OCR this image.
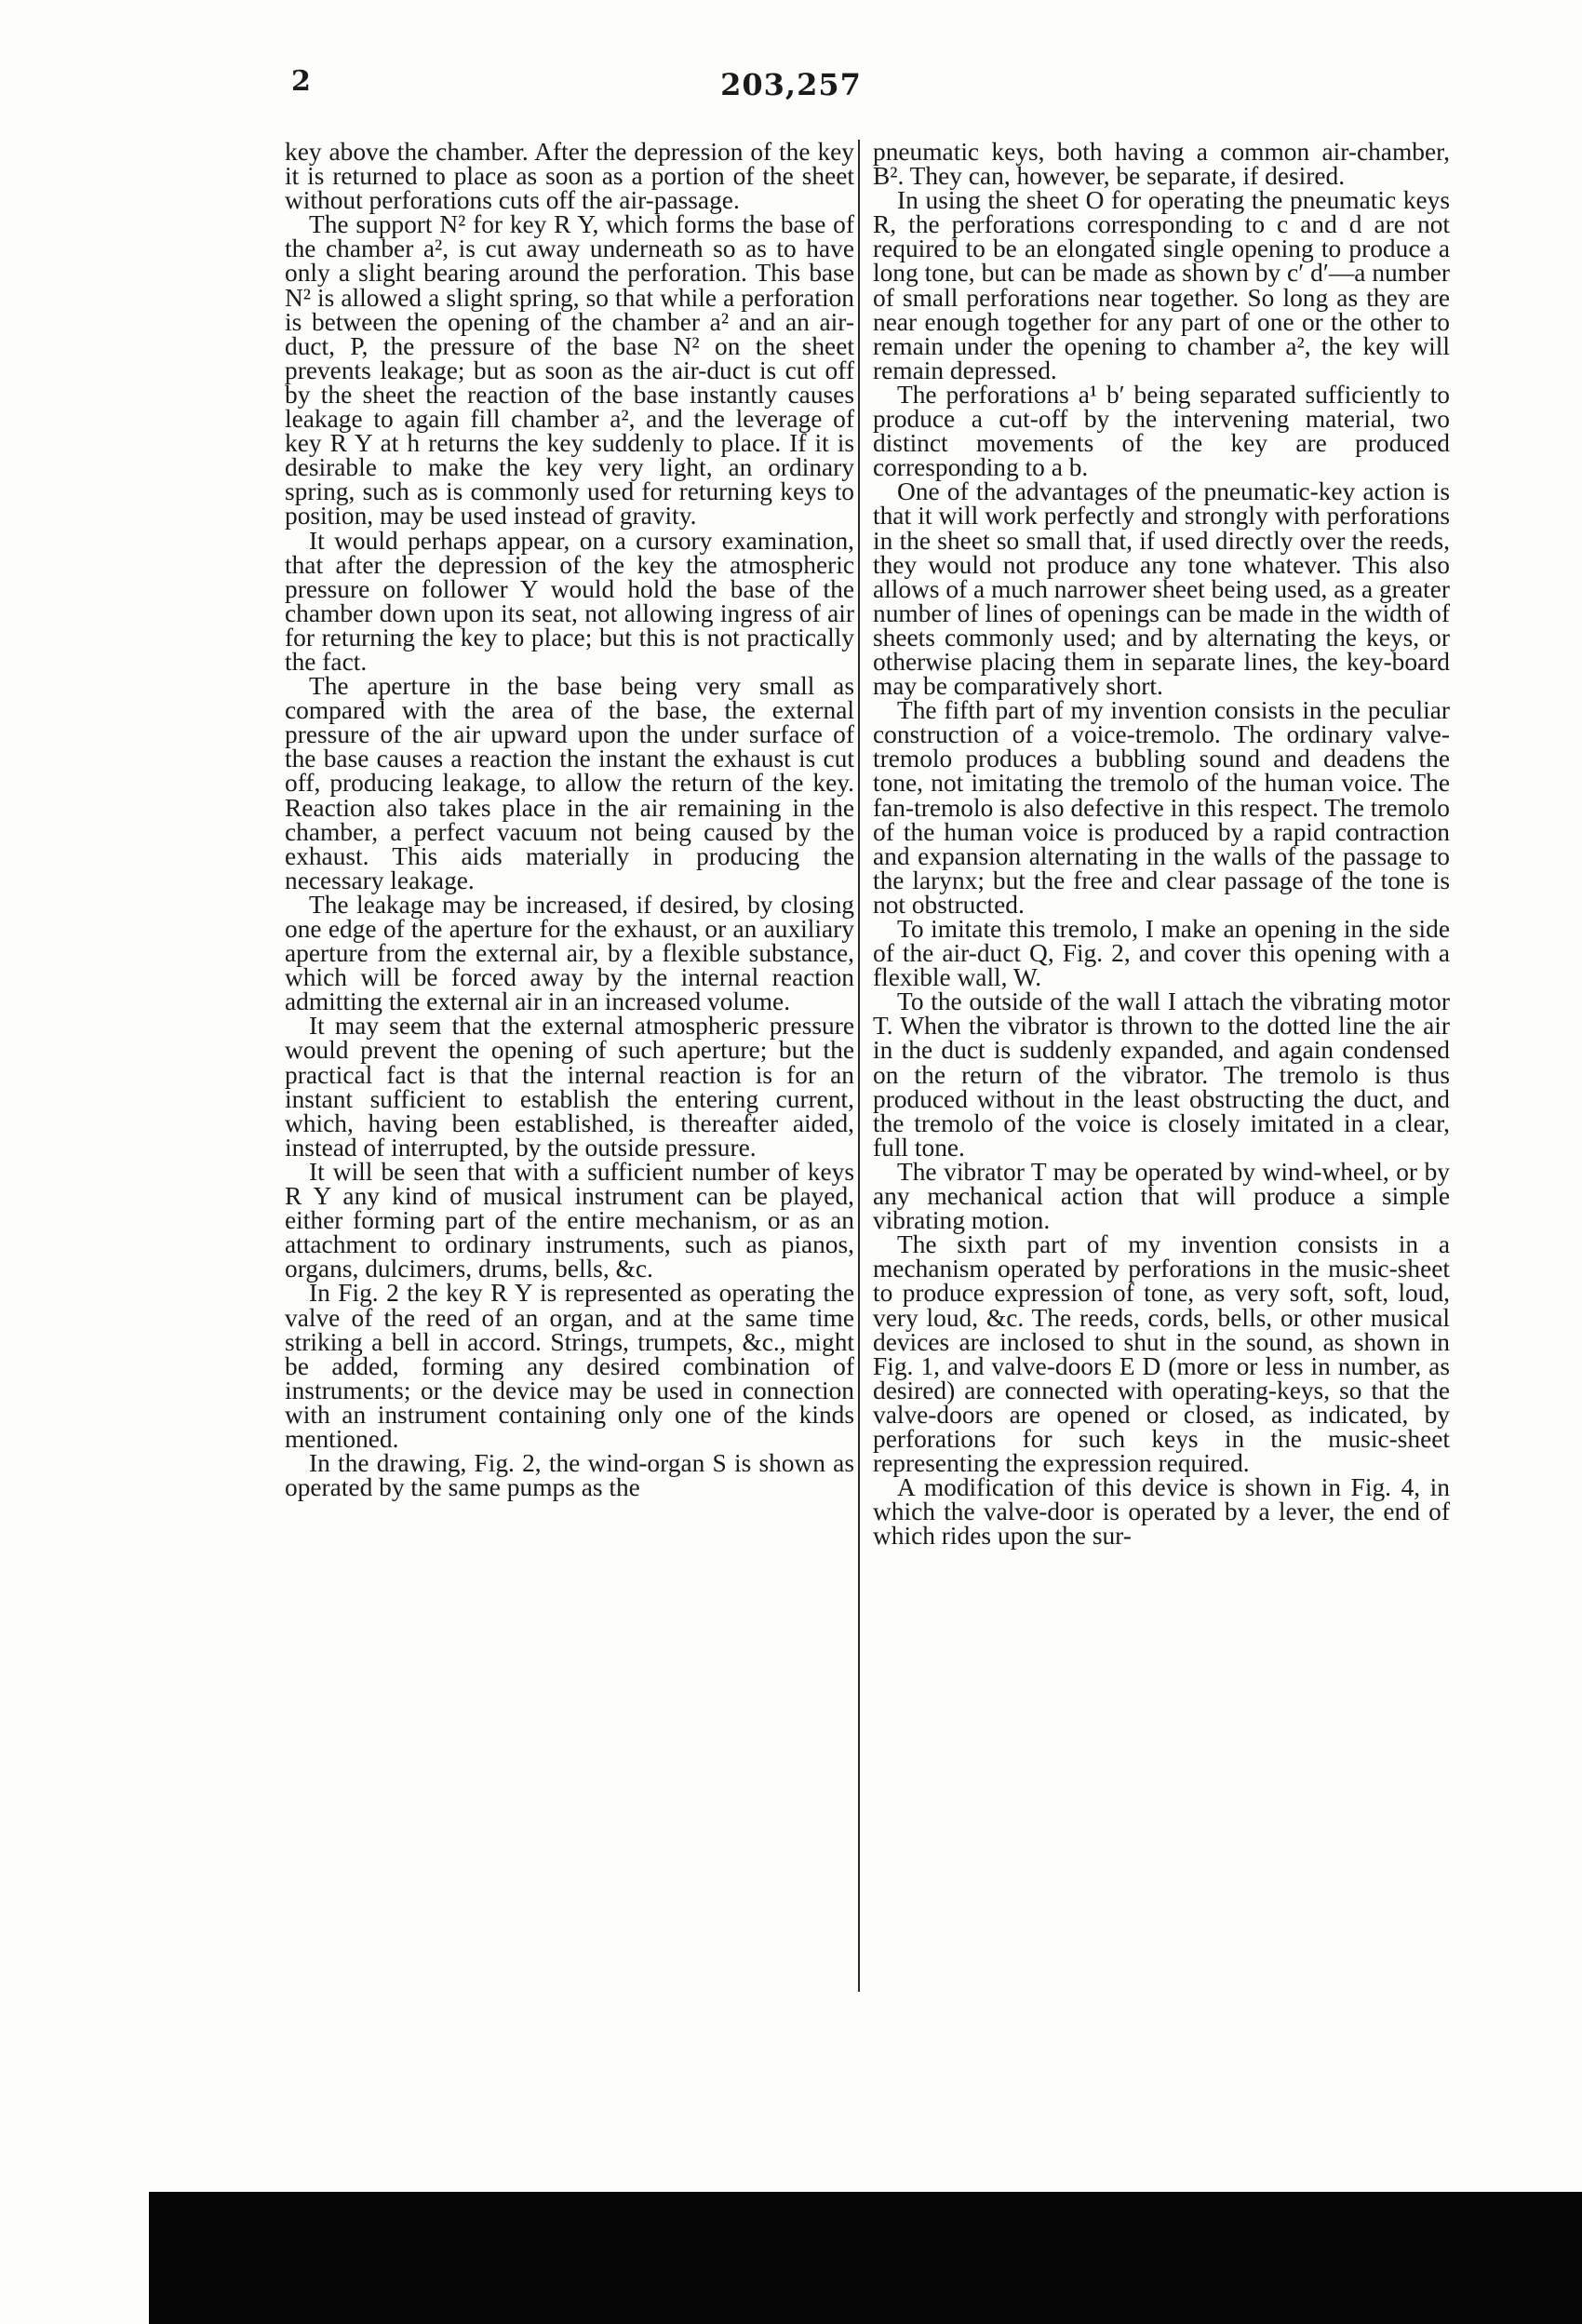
2	203,257

key above the chamber. After the depression of the key it is returned to place as soon as a portion of the sheet without perforations cuts off the air-passage.

The support N² for key R Y, which forms the base of the chamber a², is cut away underneath so as to have only a slight bearing around the perforation. This base N² is allowed a slight spring, so that while a perforation is between the opening of the chamber a² and an air-duct, P, the pressure of the base N² on the sheet prevents leakage; but as soon as the air-duct is cut off by the sheet the reaction of the base instantly causes leakage to again fill chamber a², and the leverage of key R Y at h returns the key suddenly to place. If it is desirable to make the key very light, an ordinary spring, such as is commonly used for returning keys to position, may be used instead of gravity.

It would perhaps appear, on a cursory examination, that after the depression of the key the atmospheric pressure on follower Y would hold the base of the chamber down upon its seat, not allowing ingress of air for returning the key to place; but this is not practically the fact.

The aperture in the base being very small as compared with the area of the base, the external pressure of the air upward upon the under surface of the base causes a reaction the instant the exhaust is cut off, producing leakage, to allow the return of the key. Reaction also takes place in the air remaining in the chamber, a perfect vacuum not being caused by the exhaust. This aids materially in producing the necessary leakage.

The leakage may be increased, if desired, by closing one edge of the aperture for the exhaust, or an auxiliary aperture from the external air, by a flexible substance, which will be forced away by the internal reaction admitting the external air in an increased volume.

It may seem that the external atmospheric pressure would prevent the opening of such aperture; but the practical fact is that the internal reaction is for an instant sufficient to establish the entering current, which, having been established, is thereafter aided, instead of interrupted, by the outside pressure.

It will be seen that with a sufficient number of keys R Y any kind of musical instrument can be played, either forming part of the entire mechanism, or as an attachment to ordinary instruments, such as pianos, organs, dulcimers, drums, bells, &c.

In Fig. 2 the key R Y is represented as operating the valve of the reed of an organ, and at the same time striking a bell in accord. Strings, trumpets, &c., might be added, forming any desired combination of instruments; or the device may be used in connection with an instrument containing only one of the kinds mentioned.

In the drawing, Fig. 2, the wind-organ S is shown as operated by the same pumps as the

pneumatic keys, both having a common air-chamber, B². They can, however, be separate, if desired.

In using the sheet O for operating the pneumatic keys R, the perforations corresponding to c and d are not required to be an elongated single opening to produce a long tone, but can be made as shown by c′ d′—a number of small perforations near together. So long as they are near enough together for any part of one or the other to remain under the opening to chamber a², the key will remain depressed.

The perforations a¹ b′ being separated sufficiently to produce a cut-off by the intervening material, two distinct movements of the key are produced corresponding to a b.

One of the advantages of the pneumatic-key action is that it will work perfectly and strongly with perforations in the sheet so small that, if used directly over the reeds, they would not produce any tone whatever. This also allows of a much narrower sheet being used, as a greater number of lines of openings can be made in the width of sheets commonly used; and by alternating the keys, or otherwise placing them in separate lines, the key-board may be comparatively short.

The fifth part of my invention consists in the peculiar construction of a voice-tremolo. The ordinary valve-tremolo produces a bubbling sound and deadens the tone, not imitating the tremolo of the human voice. The fan-tremolo is also defective in this respect. The tremolo of the human voice is produced by a rapid contraction and expansion alternating in the walls of the passage to the larynx; but the free and clear passage of the tone is not obstructed.

To imitate this tremolo, I make an opening in the side of the air-duct Q, Fig. 2, and cover this opening with a flexible wall, W.

To the outside of the wall I attach the vibrating motor T. When the vibrator is thrown to the dotted line the air in the duct is suddenly expanded, and again condensed on the return of the vibrator. The tremolo is thus produced without in the least obstructing the duct, and the tremolo of the voice is closely imitated in a clear, full tone.

The vibrator T may be operated by wind-wheel, or by any mechanical action that will produce a simple vibrating motion.

The sixth part of my invention consists in a mechanism operated by perforations in the music-sheet to produce expression of tone, as very soft, soft, loud, very loud, &c. The reeds, cords, bells, or other musical devices are inclosed to shut in the sound, as shown in Fig. 1, and valve-doors E D (more or less in number, as desired) are connected with operating-keys, so that the valve-doors are opened or closed, as indicated, by perforations for such keys in the music-sheet representing the expression required.

A modification of this device is shown in Fig. 4, in which the valve-door is operated by a lever, the end of which rides upon the sur-
